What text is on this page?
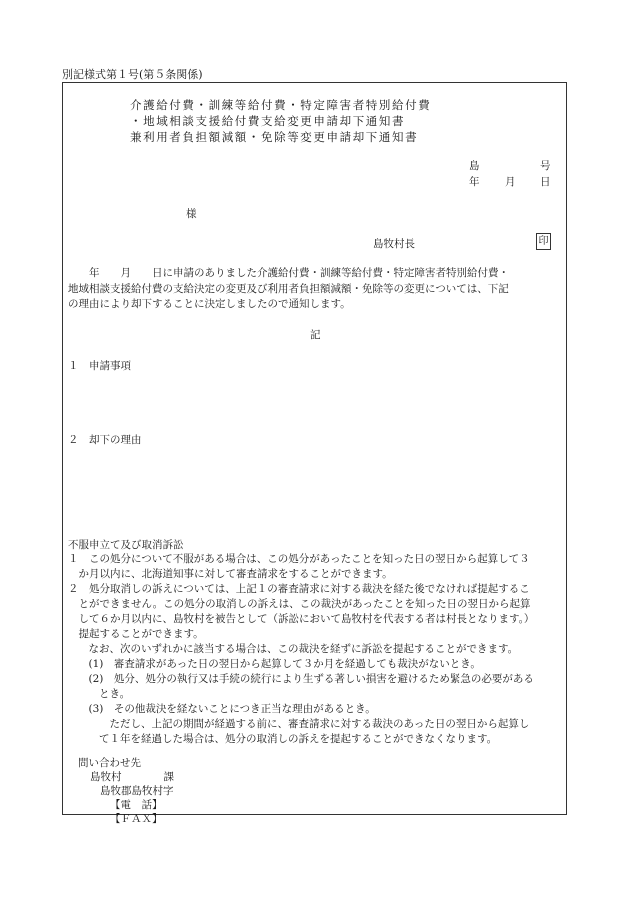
別記様式第１号(第５条関係)
介護給付費・訓練等給付費・特定障害者特別給付費
・地域相談支援給付費支給変更申請却下通知書
兼利用者負担額減額・免除等変更申請却下通知書
島	号
年 月 日
様
島牧村長	印
　　年　　月　　日に申請のありました介護給付費・訓練等給付費・特定障害者特別給付費・
地域相談支援給付費の支給決定の変更及び利用者負担額減額・免除等の変更については、下記
の理由により却下することに決定しましたので通知します。
記
１　申請事項
２　却下の理由
不服申立て及び取消訴訟
１　この処分について不服がある場合は、この処分があったことを知った日の翌日から起算して３
　か月以内に、北海道知事に対して審査請求をすることができます。
２　処分取消しの訴えについては、上記１の審査請求に対する裁決を経た後でなければ提起するこ
　とができません。この処分の取消しの訴えは、この裁決があったことを知った日の翌日から起算
　して６か月以内に、島牧村を被告として（訴訟において島牧村を代表する者は村長となります。）
　提起することができます。
　なお、次のいずれかに該当する場合は、この裁決を経ずに訴訟を提起することができます。
　(1)　審査請求があった日の翌日から起算して３か月を経過しても裁決がないとき。
　(2)　処分、処分の執行又は手続の続行により生ずる著しい損害を避けるため緊急の必要がある
　　とき。
　(3)　その他裁決を経ないことにつき正当な理由があるとき。
　　　ただし、上記の期間が経過する前に、審査請求に対する裁決のあった日の翌日から起算し
　　て１年を経過した場合は、処分の取消しの訴えを提起することができなくなります。
問い合わせ先
島牧村　　　　課
島牧郡島牧村字
【電　話】
【ＦＡＸ】
